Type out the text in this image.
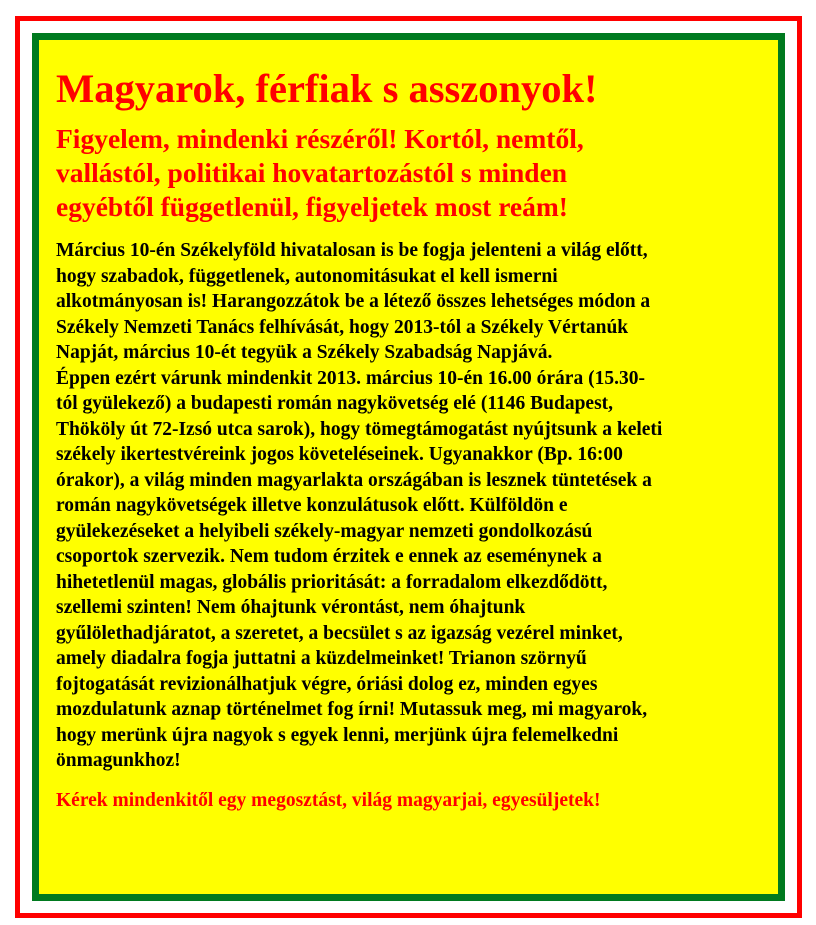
Magyarok, férfiak s asszonyok!
Figyelem, mindenki részéről! Kortól, nemtől,
vallástól, politikai hovatartozástól s minden
egyébtől függetlenül, figyeljetek most reám!
Március 10-én Székelyföld hivatalosan is be fogja jelenteni a világ előtt,
hogy szabadok, függetlenek, autonomitásukat el kell ismerni
alkotmányosan is! Harangozzátok be a létező összes lehetséges módon a
Székely Nemzeti Tanács felhívását, hogy 2013-tól a Székely Vértanúk
Napját, március 10-ét tegyük a Székely Szabadság Napjává.
Éppen ezért várunk mindenkit 2013. március 10-én 16.00 órára (15.30-
tól gyülekező) a budapesti román nagykövetség elé (1146 Budapest,
Thököly út 72-Izsó utca sarok), hogy tömegtámogatást nyújtsunk a keleti
székely ikertestvéreink jogos követeléseinek. Ugyanakkor (Bp. 16:00
órakor), a világ minden magyarlakta országában is lesznek tüntetések a
román nagykövetségek illetve konzulátusok előtt. Külföldön e
gyülekezéseket a helyibeli székely-magyar nemzeti gondolkozású
csoportok szervezik. Nem tudom érzitek e ennek az eseménynek a
hihetetlenül magas, globális prioritását: a forradalom elkezdődött,
szellemi szinten! Nem óhajtunk vérontást, nem óhajtunk
gyűlölethadjáratot, a szeretet, a becsület s az igazság vezérel minket,
amely diadalra fogja juttatni a küzdelmeinket! Trianon szörnyű
fojtogatását revizionálhatjuk végre, óriási dolog ez, minden egyes
mozdulatunk aznap történelmet fog írni! Mutassuk meg, mi magyarok,
hogy merünk újra nagyok s egyek lenni, merjünk újra felemelkedni
önmagunkhoz!
Kérek mindenkitől egy megosztást, világ magyarjai, egyesüljetek!
